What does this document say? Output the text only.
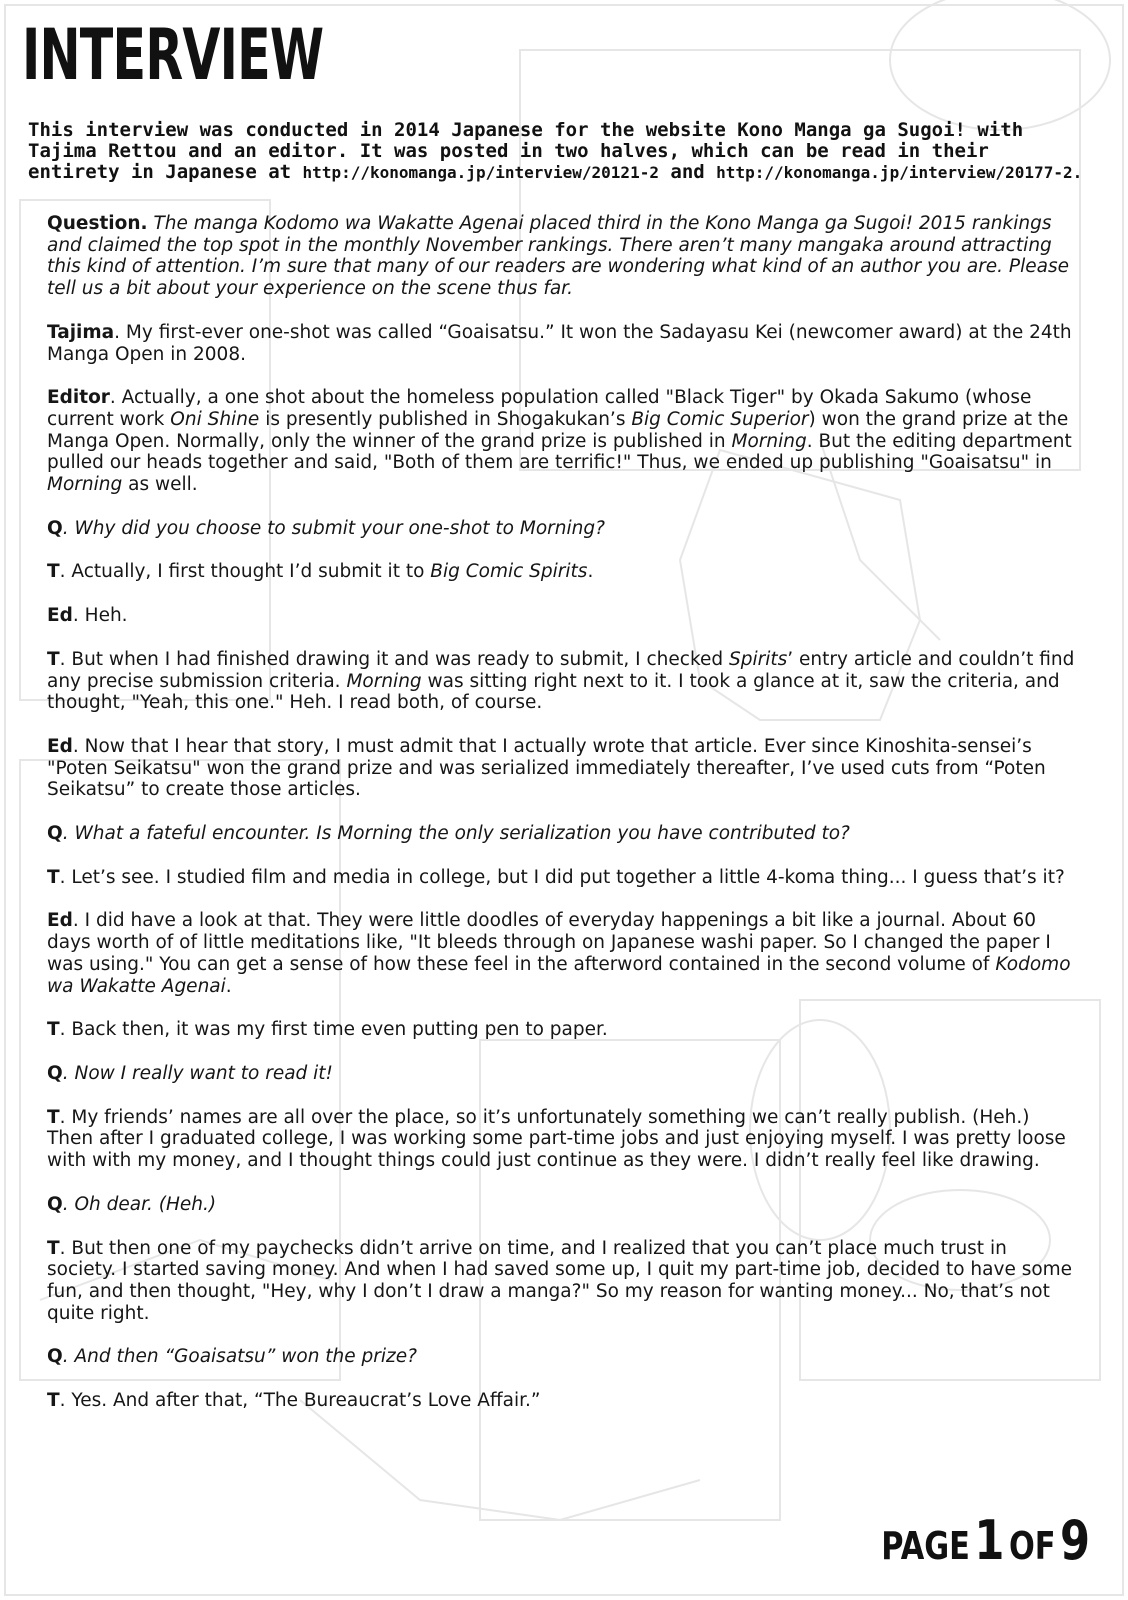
INTERVIEW
This interview was conducted in 2014 Japanese for the website Kono Manga ga Sugoi! with Tajima Rettou and an editor. It was posted in two halves, which can be read in their entirety in Japanese at http://konomanga.jp/interview/20121-2 and http://konomanga.jp/interview/20177-2.

Question. The manga Kodomo wa Wakatte Agenai placed third in the Kono Manga ga Sugoi! 2015 rankings and claimed the top spot in the monthly November rankings. There aren’t many mangaka around attracting this kind of attention. I’m sure that many of our readers are wondering what kind of an author you are. Please tell us a bit about your experience on the scene thus far.

Tajima. My first-ever one-shot was called “Goaisatsu.” It won the Sadayasu Kei (newcomer award) at the 24th Manga Open in 2008.

Editor. Actually, a one shot about the homeless population called "Black Tiger" by Okada Sakumo (whose current work Oni Shine is presently published in Shogakukan’s Big Comic Superior) won the grand prize at the Manga Open. Normally, only the winner of the grand prize is published in Morning. But the editing department pulled our heads together and said, "Both of them are terrific!" Thus, we ended up publishing "Goaisatsu" in Morning as well.

Q. Why did you choose to submit your one-shot to Morning?

T. Actually, I first thought I’d submit it to Big Comic Spirits.

Ed. Heh.

T. But when I had finished drawing it and was ready to submit, I checked Spirits’ entry article and couldn’t find any precise submission criteria. Morning was sitting right next to it. I took a glance at it, saw the criteria, and thought, "Yeah, this one." Heh. I read both, of course.

Ed. Now that I hear that story, I must admit that I actually wrote that article. Ever since Kinoshita-sensei’s "Poten Seikatsu" won the grand prize and was serialized immediately thereafter, I’ve used cuts from “Poten Seikatsu” to create those articles.

Q. What a fateful encounter. Is Morning the only serialization you have contributed to?

T. Let’s see. I studied film and media in college, but I did put together a little 4-koma thing... I guess that’s it?

Ed. I did have a look at that. They were little doodles of everyday happenings a bit like a journal. About 60 days worth of of little meditations like, "It bleeds through on Japanese washi paper. So I changed the paper I was using." You can get a sense of how these feel in the afterword contained in the second volume of Kodomo wa Wakatte Agenai.

T. Back then, it was my first time even putting pen to paper.

Q. Now I really want to read it!

T. My friends’ names are all over the place, so it’s unfortunately something we can’t really publish. (Heh.) Then after I graduated college, I was working some part-time jobs and just enjoying myself. I was pretty loose with with my money, and I thought things could just continue as they were. I didn’t really feel like drawing.

Q. Oh dear. (Heh.)

T. But then one of my paychecks didn’t arrive on time, and I realized that you can’t place much trust in society. I started saving money. And when I had saved some up, I quit my part-time job, decided to have some fun, and then thought, "Hey, why I don’t I draw a manga?" So my reason for wanting money... No, that’s not quite right.

Q. And then “Goaisatsu” won the prize?

T. Yes. And after that, “The Bureaucrat’s Love Affair.”

PAGE 1 OF 9
